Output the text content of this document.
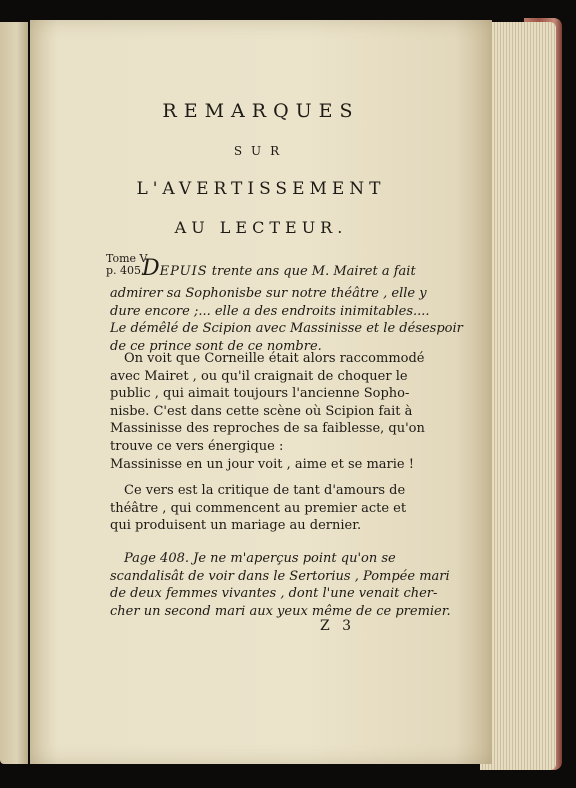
REMARQUES
SUR
L'AVERTISSEMENT
AU LECTEUR.
Tome V,
p. 405.
DEPUIS trente ans que M. Mairet a fait
admirer sa Sophonisbe sur notre théâtre , elle y
dure encore ;... elle a des endroits inimitables....
Le démêlé de Scipion avec Massinisse et le désespoir
de ce prince sont de ce nombre.
On voit que Corneille était alors raccommodé
avec Mairet , ou qu'il craignait de choquer le
public , qui aimait toujours l'ancienne Sopho-
nisbe. C'est dans cette scène où Scipion fait à
Massinisse des reproches de sa faiblesse, qu'on
trouve ce vers énergique :
Massinisse en un jour voit , aime et se marie !
Ce vers est la critique de tant d'amours de
théâtre , qui commencent au premier acte et
qui produisent un mariage au dernier.
Page 408. Je ne m'aperçus point qu'on se
scandalisât de voir dans le Sertorius , Pompée mari
de deux femmes vivantes , dont l'une venait cher-
cher un second mari aux yeux même de ce premier.
Z 3
